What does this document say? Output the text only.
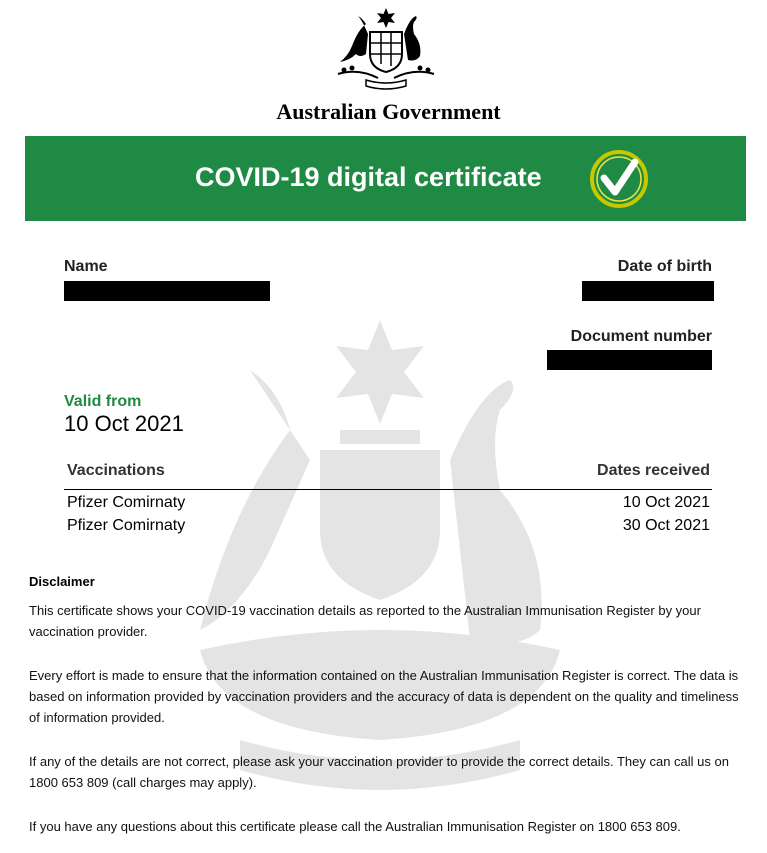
Australian Government
COVID-19 digital certificate
Name	Date of birth
Document number
Valid from
10 Oct 2021
Vaccinations	Dates received
Pfizer Comirnaty	10 Oct 2021
Pfizer Comirnaty	30 Oct 2021
Disclaimer
This certificate shows your COVID-19 vaccination details as reported to the Australian Immunisation Register by your vaccination provider.
Every effort is made to ensure that the information contained on the Australian Immunisation Register is correct. The data is based on information provided by vaccination providers and the accuracy of data is dependent on the quality and timeliness of information provided.
If any of the details are not correct, please ask your vaccination provider to provide the correct details. They can call us on 1800 653 809 (call charges may apply).
If you have any questions about this certificate please call the Australian Immunisation Register on 1800 653 809.
